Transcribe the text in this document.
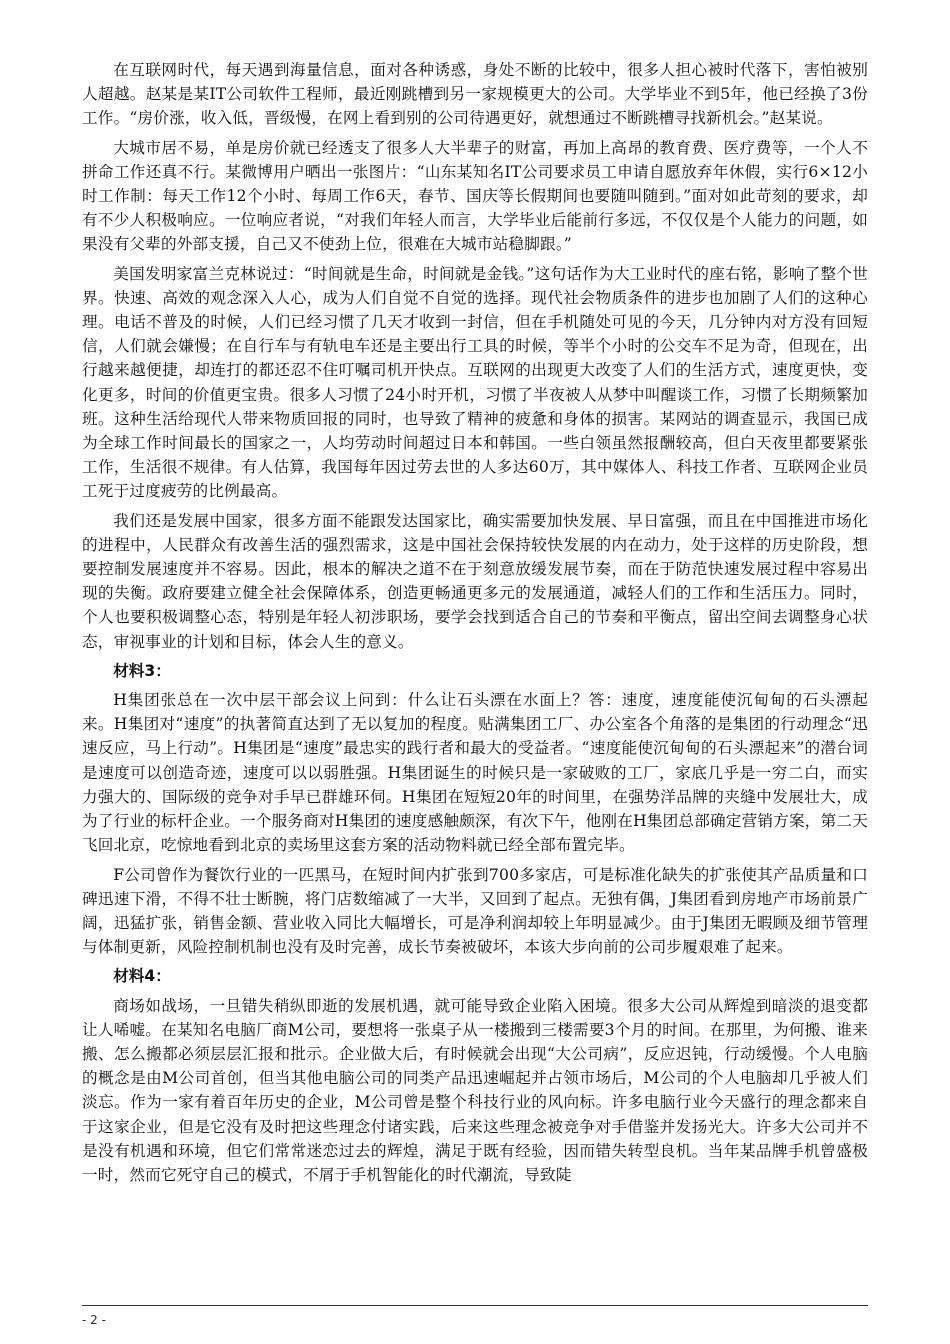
在互联网时代，每天遇到海量信息，面对各种诱惑，身处不断的比较中，很多人担心被时代落下，害怕被别人超越。赵某是某IT公司软件工程师，最近刚跳槽到另一家规模更大的公司。大学毕业不到5年，他已经换了3份工作。“房价涨，收入低，晋级慢，在网上看到别的公司待遇更好，就想通过不断跳槽寻找新机会。”赵某说。

大城市居不易，单是房价就已经透支了很多人大半辈子的财富，再加上高昂的教育费、医疗费等，一个人不拼命工作还真不行。某微博用户晒出一张图片：“山东某知名IT公司要求员工申请自愿放弃年休假，实行6×12小时工作制：每天工作12个小时、每周工作6天，春节、国庆等长假期间也要随叫随到。”面对如此苛刻的要求，却有不少人积极响应。一位响应者说，“对我们年轻人而言，大学毕业后能前行多远，不仅仅是个人能力的问题，如果没有父辈的外部支援，自己又不使劲上位，很难在大城市站稳脚跟。”

美国发明家富兰克林说过：“时间就是生命，时间就是金钱。”这句话作为大工业时代的座右铭，影响了整个世界。快速、高效的观念深入人心，成为人们自觉不自觉的选择。现代社会物质条件的进步也加剧了人们的这种心理。电话不普及的时候，人们已经习惯了几天才收到一封信，但在手机随处可见的今天，几分钟内对方没有回短信，人们就会嫌慢；在自行车与有轨电车还是主要出行工具的时候，等半个小时的公交车不足为奇，但现在，出行越来越便捷，却连打的都还忍不住叮嘱司机开快点。互联网的出现更大改变了人们的生活方式，速度更快，变化更多，时间的价值更宝贵。很多人习惯了24小时开机，习惯了半夜被人从梦中叫醒谈工作，习惯了长期频繁加班。这种生活给现代人带来物质回报的同时，也导致了精神的疲惫和身体的损害。某网站的调查显示，我国已成为全球工作时间最长的国家之一，人均劳动时间超过日本和韩国。一些白领虽然报酬较高，但白天夜里都要紧张工作，生活很不规律。有人估算，我国每年因过劳去世的人多达60万，其中媒体人、科技工作者、互联网企业员工死于过度疲劳的比例最高。

我们还是发展中国家，很多方面不能跟发达国家比，确实需要加快发展、早日富强，而且在中国推进市场化的进程中，人民群众有改善生活的强烈需求，这是中国社会保持较快发展的内在动力，处于这样的历史阶段，想要控制发展速度并不容易。因此，根本的解决之道不在于刻意放缓发展节奏，而在于防范快速发展过程中容易出现的失衡。政府要建立健全社会保障体系，创造更畅通更多元的发展通道，减轻人们的工作和生活压力。同时，个人也要积极调整心态，特别是年轻人初涉职场，要学会找到适合自己的节奏和平衡点，留出空间去调整身心状态，审视事业的计划和目标，体会人生的意义。

材料3：

H集团张总在一次中层干部会议上问到：什么让石头漂在水面上？答：速度，速度能使沉甸甸的石头漂起来。H集团对“速度”的执著简直达到了无以复加的程度。贴满集团工厂、办公室各个角落的是集团的行动理念“迅速反应，马上行动”。H集团是“速度”最忠实的践行者和最大的受益者。“速度能使沉甸甸的石头漂起来”的潜台词是速度可以创造奇迹，速度可以以弱胜强。H集团诞生的时候只是一家破败的工厂，家底几乎是一穷二白，而实力强大的、国际级的竞争对手早已群雄环伺。H集团在短短20年的时间里，在强势洋品牌的夹缝中发展壮大，成为了行业的标杆企业。一个服务商对H集团的速度感触颇深，有次下午，他刚在H集团总部确定营销方案，第二天飞回北京，吃惊地看到北京的卖场里这套方案的活动物料就已经全部布置完毕。

F公司曾作为餐饮行业的一匹黑马，在短时间内扩张到700多家店，可是标准化缺失的扩张使其产品质量和口碑迅速下滑，不得不壮士断腕，将门店数缩减了一大半，又回到了起点。无独有偶，J集团看到房地产市场前景广阔，迅猛扩张，销售金额、营业收入同比大幅增长，可是净利润却较上年明显减少。由于J集团无暇顾及细节管理与体制更新，风险控制机制也没有及时完善，成长节奏被破坏，本该大步向前的公司步履艰难了起来。

材料4：

商场如战场，一旦错失稍纵即逝的发展机遇，就可能导致企业陷入困境。很多大公司从辉煌到暗淡的退变都让人唏嘘。在某知名电脑厂商M公司，要想将一张桌子从一楼搬到三楼需要3个月的时间。在那里，为何搬、谁来搬、怎么搬都必须层层汇报和批示。企业做大后，有时候就会出现“大公司病”，反应迟钝，行动缓慢。个人电脑的概念是由M公司首创，但当其他电脑公司的同类产品迅速崛起并占领市场后，M公司的个人电脑却几乎被人们淡忘。作为一家有着百年历史的企业，M公司曾是整个科技行业的风向标。许多电脑行业今天盛行的理念都来自于这家企业，但是它没有及时把这些理念付诸实践，后来这些理念被竞争对手借鉴并发扬光大。许多大公司并不是没有机遇和环境，但它们常常迷恋过去的辉煌，满足于既有经验，因而错失转型良机。当年某品牌手机曾盛极一时，然而它死守自己的模式，不屑于手机智能化的时代潮流，导致陡

- 2 -
